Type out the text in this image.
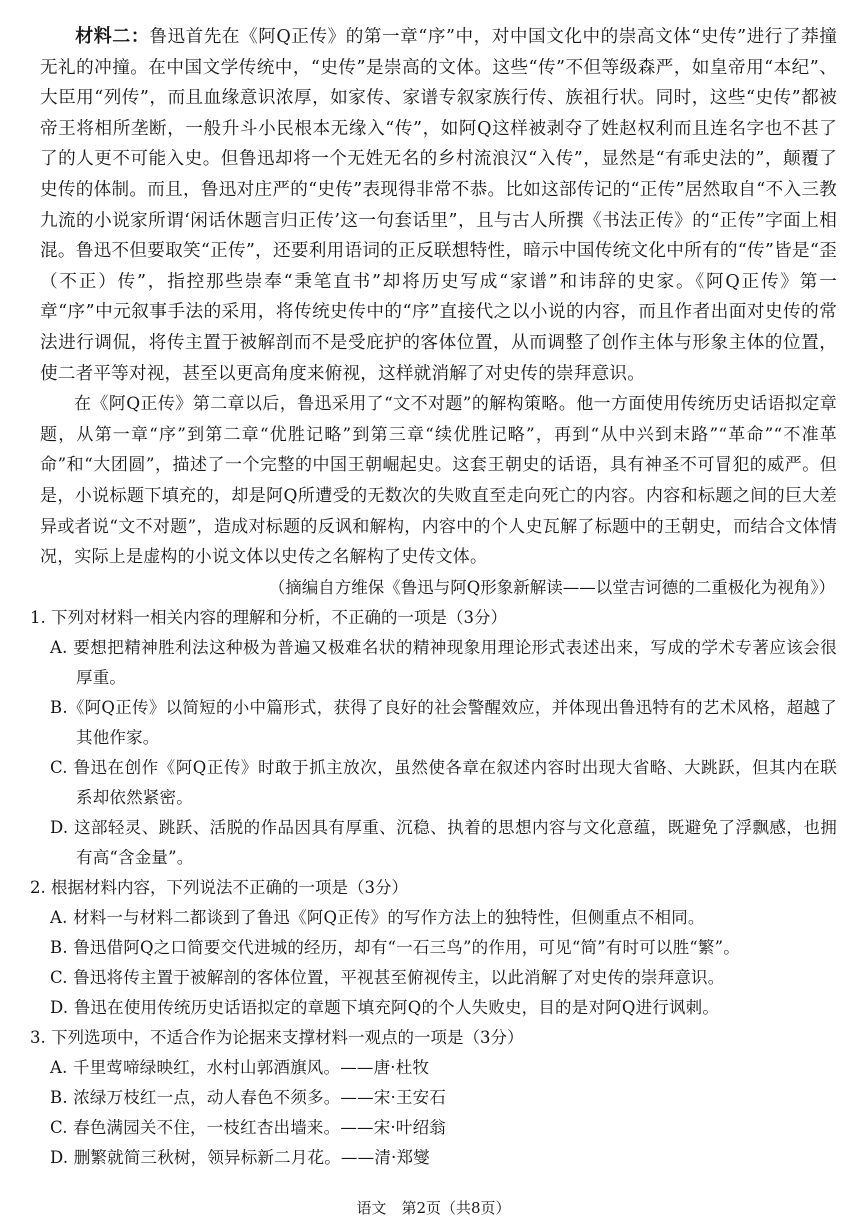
材料二：鲁迅首先在《阿Q正传》的第一章“序”中，对中国文化中的崇高文体“史传”进行了莽撞无礼的冲撞。在中国文学传统中，“史传”是崇高的文体。这些“传”不但等级森严，如皇帝用“本纪”、大臣用“列传”，而且血缘意识浓厚，如家传、家谱专叙家族行传、族祖行状。同时，这些“史传”都被帝王将相所垄断，一般升斗小民根本无缘入“传”，如阿Q这样被剥夺了姓赵权利而且连名字也不甚了了的人更不可能入史。但鲁迅却将一个无姓无名的乡村流浪汉“入传”，显然是“有乖史法的”，颠覆了史传的体制。而且，鲁迅对庄严的“史传”表现得非常不恭。比如这部传记的“正传”居然取自“不入三教九流的小说家所谓‘闲话休题言归正传’这一句套话里”，且与古人所撰《书法正传》的“正传”字面上相混。鲁迅不但要取笑“正传”，还要利用语词的正反联想特性，暗示中国传统文化中所有的“传”皆是“歪（不正）传”，指控那些崇奉“秉笔直书”却将历史写成“家谱”和讳辞的史家。《阿Q正传》第一章“序”中元叙事手法的采用，将传统史传中的“序”直接代之以小说的内容，而且作者出面对史传的常法进行调侃，将传主置于被解剖而不是受庇护的客体位置，从而调整了创作主体与形象主体的位置，使二者平等对视，甚至以更高角度来俯视，这样就消解了对史传的崇拜意识。

在《阿Q正传》第二章以后，鲁迅采用了“文不对题”的解构策略。他一方面使用传统历史话语拟定章题，从第一章“序”到第二章“优胜记略”到第三章“续优胜记略”，再到“从中兴到末路”“革命”“不准革命”和“大团圆”，描述了一个完整的中国王朝崛起史。这套王朝史的话语，具有神圣不可冒犯的威严。但是，小说标题下填充的，却是阿Q所遭受的无数次的失败直至走向死亡的内容。内容和标题之间的巨大差异或者说“文不对题”，造成对标题的反讽和解构，内容中的个人史瓦解了标题中的王朝史，而结合文体情况，实际上是虚构的小说文体以史传之名解构了史传文体。

（摘编自方维保《鲁迅与阿Q形象新解读——以堂吉诃德的二重极化为视角》）

1. 下列对材料一相关内容的理解和分析，不正确的一项是（3分）

A. 要想把精神胜利法这种极为普遍又极难名状的精神现象用理论形式表述出来，写成的学术专著应该会很厚重。

B.《阿Q正传》以简短的小中篇形式，获得了良好的社会警醒效应，并体现出鲁迅特有的艺术风格，超越了其他作家。

C. 鲁迅在创作《阿Q正传》时敢于抓主放次，虽然使各章在叙述内容时出现大省略、大跳跃，但其内在联系却依然紧密。

D. 这部轻灵、跳跃、活脱的作品因具有厚重、沉稳、执着的思想内容与文化意蕴，既避免了浮飘感，也拥有高“含金量”。

2. 根据材料内容，下列说法不正确的一项是（3分）

A. 材料一与材料二都谈到了鲁迅《阿Q正传》的写作方法上的独特性，但侧重点不相同。

B. 鲁迅借阿Q之口简要交代进城的经历，却有“一石三鸟”的作用，可见“简”有时可以胜“繁”。

C. 鲁迅将传主置于被解剖的客体位置，平视甚至俯视传主，以此消解了对史传的崇拜意识。

D. 鲁迅在使用传统历史话语拟定的章题下填充阿Q的个人失败史，目的是对阿Q进行讽刺。

3. 下列选项中，不适合作为论据来支撑材料一观点的一项是（3分）

A. 千里莺啼绿映红，水村山郭酒旗风。——唐·杜牧

B. 浓绿万枝红一点，动人春色不须多。——宋·王安石

C. 春色满园关不住，一枝红杏出墙来。——宋·叶绍翁

D. 删繁就简三秋树，领异标新二月花。——清·郑燮

语文　第2页（共8页）
